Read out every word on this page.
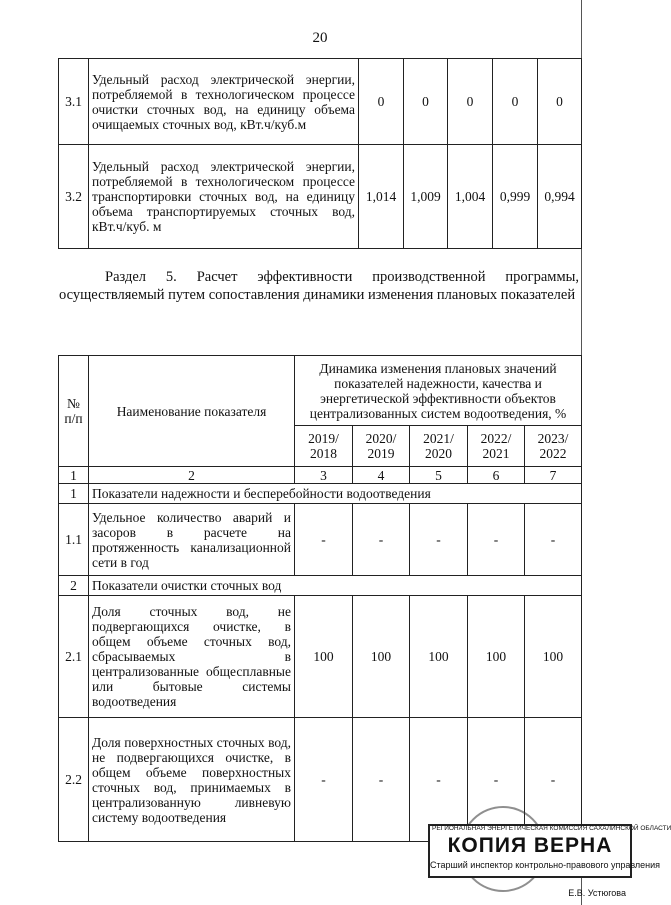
20
3.1	Удельный расход электрической энергии, потребляемой в технологическом процессе очистки сточных вод, на единицу объема очищаемых сточных вод, кВт.ч/куб.м	0	0	0	0	0
3.2	Удельный расход электрической энергии, потребляемой в технологическом процессе транспортировки сточных вод, на единицу объема транспортируемых сточных вод, кВт.ч/куб. м	1,014	1,009	1,004	0,999	0,994
Раздел 5. Расчет эффективности производственной программы, осуществляемый путем сопоставления динамики изменения плановых показателей
№ п/п	Наименование показателя	Динамика изменения плановых значений показателей надежности, качества и энергетической эффективности объектов централизованных систем водоотведения, %				
		2019/ 2018	2020/ 2019	2021/ 2020	2022/ 2021	2023/ 2022
1	2	3	4	5	6	7
1	Показатели надежности и бесперебойности водоотведения					
1.1	Удельное количество аварий и засоров в расчете на протяженность канализационной сети в год	-	-	-	-	-
2	Показатели очистки сточных вод					
2.1	Доля сточных вод, не подвергающихся очистке, в общем объеме сточных вод, сбрасываемых в централизованные общесплавные или бытовые системы водоотведения	100	100	100	100	100
2.2	Доля поверхностных сточных вод, не подвергающихся очистке, в общем объеме поверхностных сточных вод, принимаемых в централизованную ливневую систему водоотведения	-	-	-	-	-
РЕГИОНАЛЬНАЯ ЭНЕРГЕТИЧЕСКАЯ КОМИССИЯ САХАЛИНСКОЙ ОБЛАСТИ
КОПИЯ ВЕРНА
Старший инспектор контрольно-правового управления
Е.В. Устюгова
